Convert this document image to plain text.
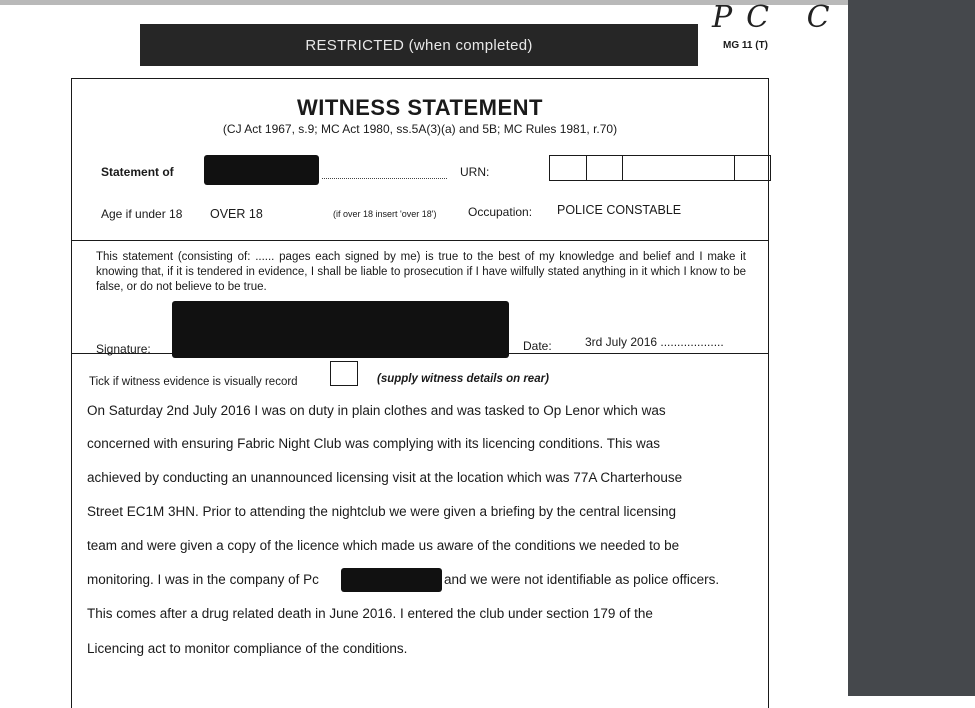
PC C
RESTRICTED (when completed)	MG 11 (T)
WITNESS STATEMENT
(CJ Act 1967, s.9; MC Act 1980, ss.5A(3)(a) and 5B; MC Rules 1981, r.70)
Statement of	URN:
Age if under 18 OVER 18	(if over 18 insert 'over 18')	Occupation: POLICE CONSTABLE
This statement (consisting of: ...... pages each signed by me) is true to the best of my knowledge and belief and I make it knowing that, if it is tendered in evidence, I shall be liable to prosecution if I have wilfully stated anything in it which I know to be false, or do not believe to be true.
Signature:	Date:	3rd July 2016 ...................
Tick if witness evidence is visually record	(supply witness details on rear)
On Saturday 2nd July 2016 I was on duty in plain clothes and was tasked to Op Lenor which was
concerned with ensuring Fabric Night Club was complying with its licencing conditions. This was
achieved by conducting an unannounced licensing visit at the location which was 77A Charterhouse
Street EC1M 3HN. Prior to attending the nightclub we were given a briefing by the central licensing
team and were given a copy of the licence which made us aware of the conditions we needed to be
monitoring. I was in the company of Pc	and we were not identifiable as police officers.
This comes after a drug related death in June 2016. I entered the club under section 179 of the
Licencing act to monitor compliance of the conditions.
